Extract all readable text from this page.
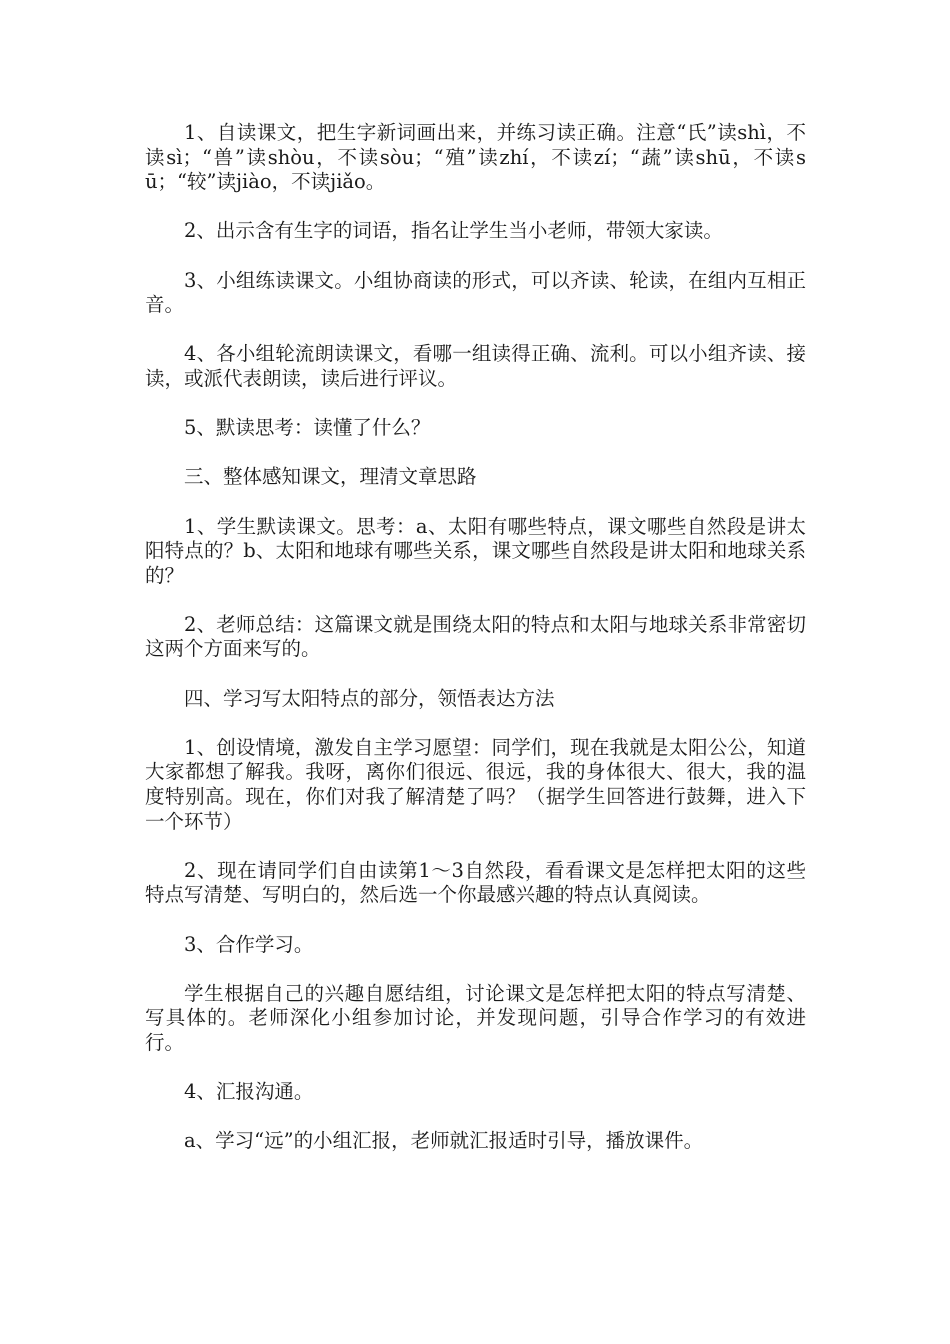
1、自读课文，把生字新词画出来，并练习读正确。注意“氏”读shì，不读sì；“兽”读shòu，不读sòu；“殖”读zhí，不读zí；“蔬”读shū，不读sū；“较”读jiào，不读jiǎo。

2、出示含有生字的词语，指名让学生当小老师，带领大家读。

3、小组练读课文。小组协商读的形式，可以齐读、轮读，在组内互相正音。

4、各小组轮流朗读课文，看哪一组读得正确、流利。可以小组齐读、接读，或派代表朗读，读后进行评议。

5、默读思考：读懂了什么？

三、整体感知课文，理清文章思路

1、学生默读课文。思考：a、太阳有哪些特点，课文哪些自然段是讲太阳特点的？b、太阳和地球有哪些关系，课文哪些自然段是讲太阳和地球关系的？

2、老师总结：这篇课文就是围绕太阳的特点和太阳与地球关系非常密切这两个方面来写的。

四、学习写太阳特点的部分，领悟表达方法

1、创设情境，激发自主学习愿望：同学们，现在我就是太阳公公，知道大家都想了解我。我呀，离你们很远、很远，我的身体很大、很大，我的温度特别高。现在，你们对我了解清楚了吗？（据学生回答进行鼓舞，进入下一个环节）

2、现在请同学们自由读第1～3自然段，看看课文是怎样把太阳的这些特点写清楚、写明白的，然后选一个你最感兴趣的特点认真阅读。

3、合作学习。

学生根据自己的兴趣自愿结组，讨论课文是怎样把太阳的特点写清楚、写具体的。老师深化小组参加讨论，并发现问题，引导合作学习的有效进行。

4、汇报沟通。

a、学习“远”的小组汇报，老师就汇报适时引导，播放课件。
